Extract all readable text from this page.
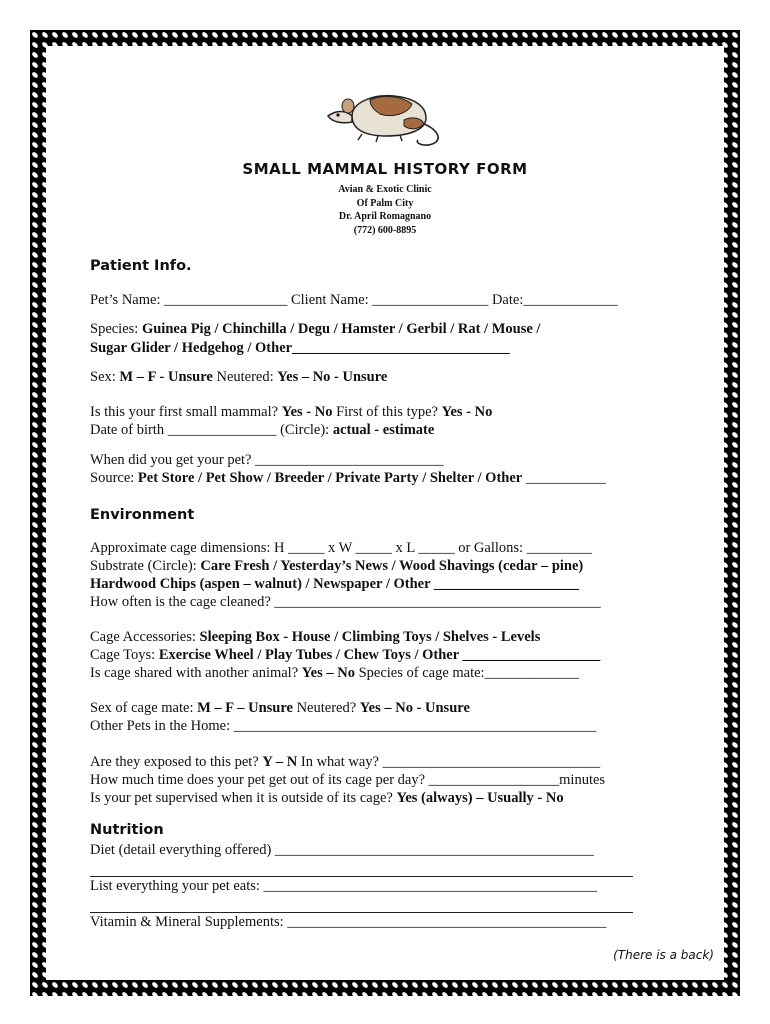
SMALL MAMMAL HISTORY FORM
Avian & Exotic Clinic
Of Palm City
Dr. April Romagnano
(772) 600-8895
Patient Info.
Pet’s Name: _________________ Client Name: ________________ Date:_____________
Species: Guinea Pig / Chinchilla / Degu / Hamster / Gerbil / Rat / Mouse /
Sugar Glider / Hedgehog / Other______________________________
Sex: M – F - Unsure Neutered: Yes – No - Unsure
Is this your first small mammal? Yes - No First of this type? Yes - No
Date of birth _______________ (Circle): actual - estimate
When did you get your pet? __________________________
Source: Pet Store / Pet Show / Breeder / Private Party / Shelter / Other ___________
Environment
Approximate cage dimensions: H _____ x W _____ x L _____ or Gallons: _________
Substrate (Circle): Care Fresh / Yesterday’s News / Wood Shavings (cedar – pine)
Hardwood Chips (aspen – walnut) / Newspaper / Other ____________________
How often is the cage cleaned? _____________________________________________
Cage Accessories: Sleeping Box - House / Climbing Toys / Shelves - Levels
Cage Toys: Exercise Wheel / Play Tubes / Chew Toys / Other ___________________
Is cage shared with another animal? Yes – No Species of cage mate:_____________
Sex of cage mate: M – F – Unsure Neutered? Yes – No - Unsure
Other Pets in the Home: __________________________________________________
Are they exposed to this pet? Y – N In what way? ______________________________
How much time does your pet get out of its cage per day? __________________minutes
Is your pet supervised when it is outside of its cage? Yes (always) – Usually - No
Nutrition
Diet (detail everything offered) ____________________________________________
List everything your pet eats: ______________________________________________
Vitamin & Mineral Supplements: ____________________________________________
(There is a back)
